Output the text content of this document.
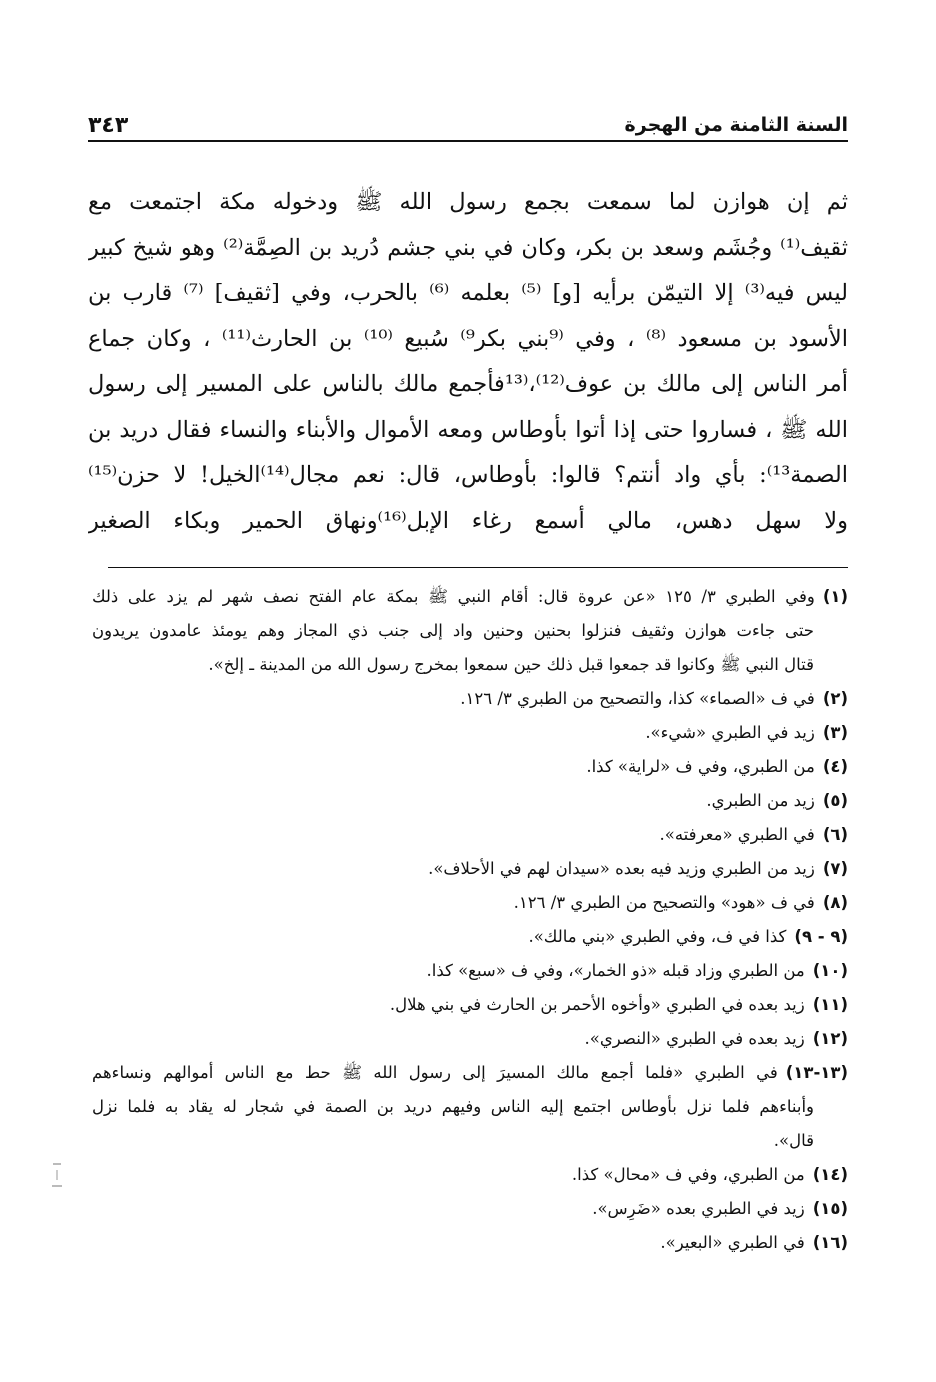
السنة الثامنة من الهجرة
٣٤٣
ثم إن هوازن لما سمعت بجمع رسول الله ﷺ ودخوله مكة اجتمعت مع
ثقيف⁽¹⁾ وجُشَم وسعد بن بكر، وكان في بني جشم دُريد بن الصِمَّة⁽²⁾ وهو شيخ كبير
ليس فيه⁽³⁾ إلا التيمّن برأيه [و] ⁽⁵⁾ بعلمه ⁽⁶⁾ بالحرب، وفي [ثقيف] ⁽⁷⁾ قارب بن
الأسود بن مسعود ⁽⁸⁾ ، وفي ⁽⁹بني بكر⁹⁾ سُبيع ⁽¹⁰⁾ بن الحارث⁽¹¹⁾ ، وكان جماع
أمر الناس إلى مالك بن عوف⁽¹²⁾،⁽¹³فأجمع مالك بالناس على المسير إلى رسول
الله ﷺ ، فساروا حتى إذا أتوا بأوطاس ومعه الأموال والأبناء والنساء فقال دريد بن
الصمة¹³⁾: بأي واد أنتم؟ قالوا: بأوطاس، قال: نعم مجال⁽¹⁴⁾الخيل! لا حزن⁽¹⁵⁾
ولا سهل دهس، مالي أسمع رغاء الإبل⁽¹⁶⁾ونهاق الحمير وبكاء الصغير
(١)وفي الطبري ٣/ ١٢٥ «عن عروة قال: أقام النبي ﷺ بمكة عام الفتح نصف شهر لم يزد على ذلك
حتى جاءت هوازن وثقيف فنزلوا بحنين وحنين واد إلى جنب ذي المجاز وهم يومئذ عامدون يريدون
قتال النبي ﷺ وكانوا قد جمعوا قبل ذلك حين سمعوا بمخرج رسول الله من المدينة ـ إلخ».
(٢)في ف «الصماء» كذا، والتصحيح من الطبري ٣/ ١٢٦.
(٣)زيد في الطبري «شيء».
(٤)من الطبري، وفي ف «لراية» كذا.
(٥)زيد من الطبري.
(٦)في الطبري «معرفته».
(٧)زيد من الطبري وزيد فيه بعده «سيدان لهم في الأحلاف».
(٨)في ف «هود» والتصحيح من الطبري ٣/ ١٢٦.
(٩ - ٩)كذا في ف، وفي الطبري «بني مالك».
(١٠)من الطبري وزاد قبله «ذو الخمار»، وفي ف «سبع» كذا.
(١١)زيد بعده في الطبري «وأخوه الأحمر بن الحارث في بني هلال.
(١٢)زيد بعده في الطبري «النصري».
(١٣-١٣)في الطبري «فلما أجمع مالك المسيرَ إلى رسول الله ﷺ حط مع الناس أموالهم ونساءهم
وأبناءهم فلما نزل بأوطاس اجتمع إليه الناس وفيهم دريد بن الصمة في شجار له يقاد به فلما نزل
قال».
(١٤)من الطبري، وفي ف «محال» كذا.
(١٥)زيد في الطبري بعده «ضَرِس».
(١٦)في الطبري «البعير».
